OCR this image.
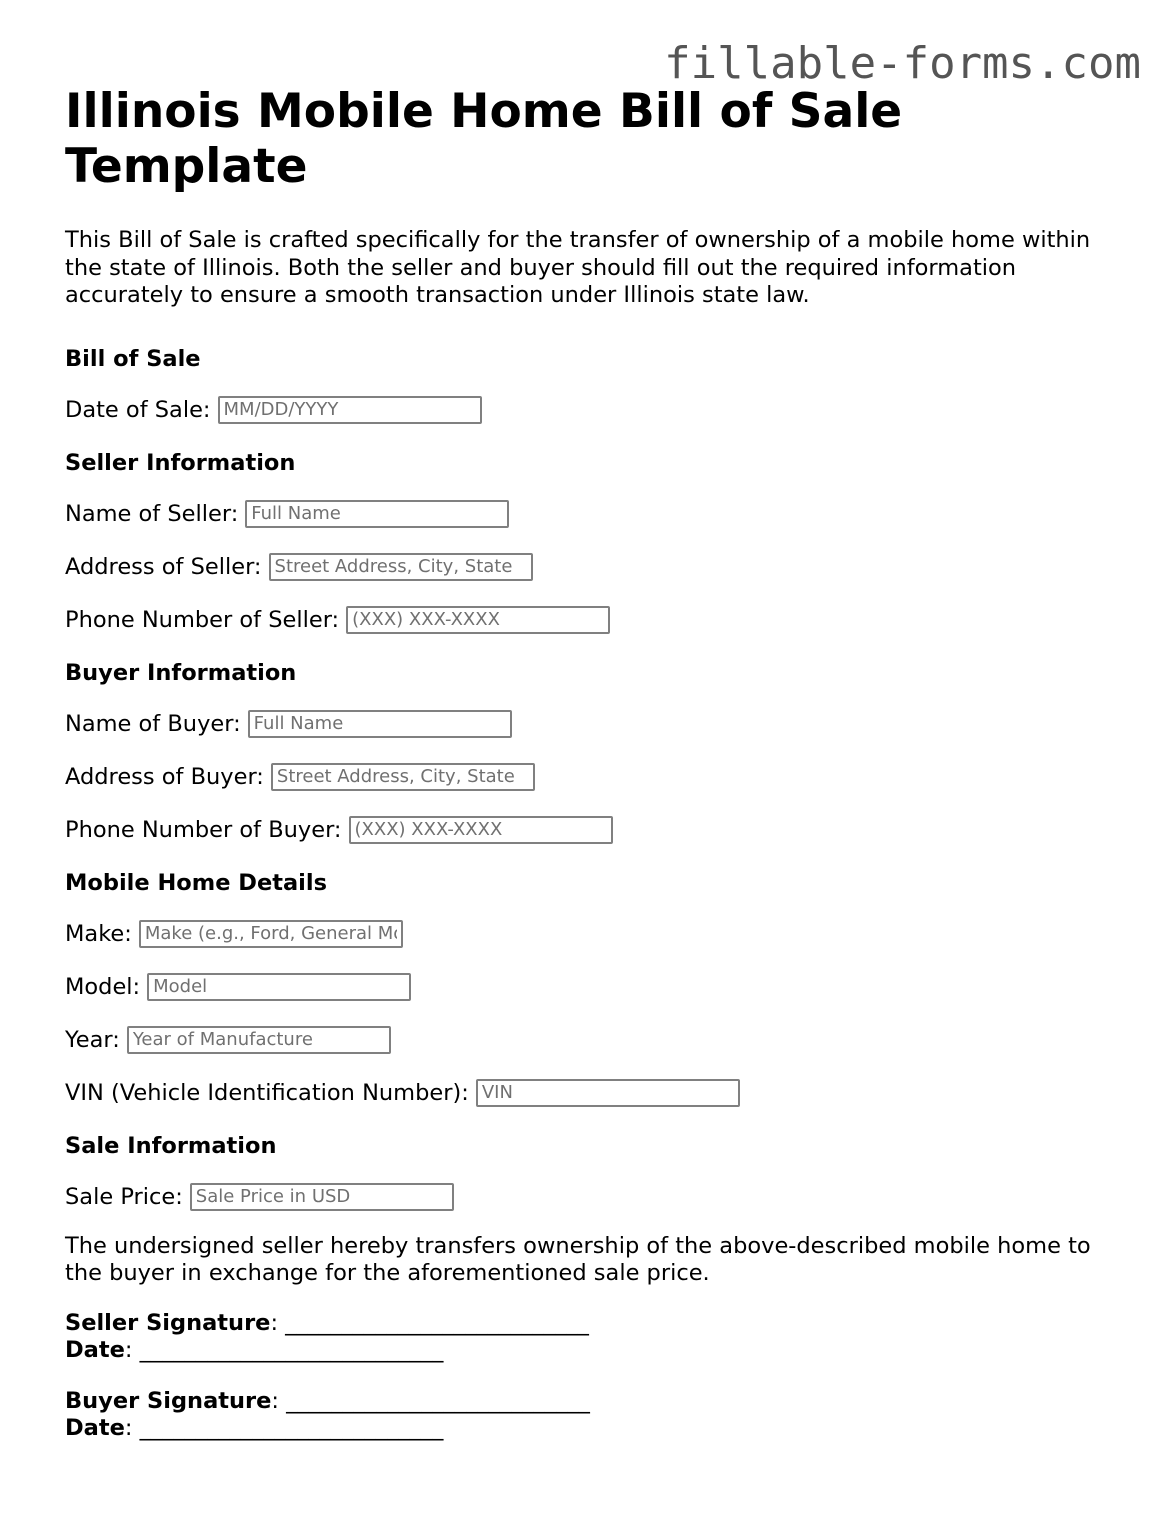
fillable-forms.com
Illinois Mobile Home Bill of Sale Template

This Bill of Sale is crafted specifically for the transfer of ownership of a mobile home within the state of Illinois. Both the seller and buyer should fill out the required information accurately to ensure a smooth transaction under Illinois state law.

Bill of Sale
Date of Sale:
MM/DD/YYYY
Seller Information
Name of Seller:
Full Name
Address of Seller:
Street Address, City, State
Phone Number of Seller:
(XXX) XXX-XXXX
Buyer Information
Name of Buyer:
Full Name
Address of Buyer:
Street Address, City, State
Phone Number of Buyer:
(XXX) XXX-XXXX
Mobile Home Details
Make:
Make (e.g., Ford, General Motors)
Model:
Model
Year:
Year of Manufacture
VIN (Vehicle Identification Number):
VIN
Sale Information
Sale Price:
Sale Price in USD

The undersigned seller hereby transfers ownership of the above-described mobile home to the buyer in exchange for the aforementioned sale price.

Seller Signature: ___________________________
Date: ___________________________
Buyer Signature: ___________________________
Date: ___________________________
